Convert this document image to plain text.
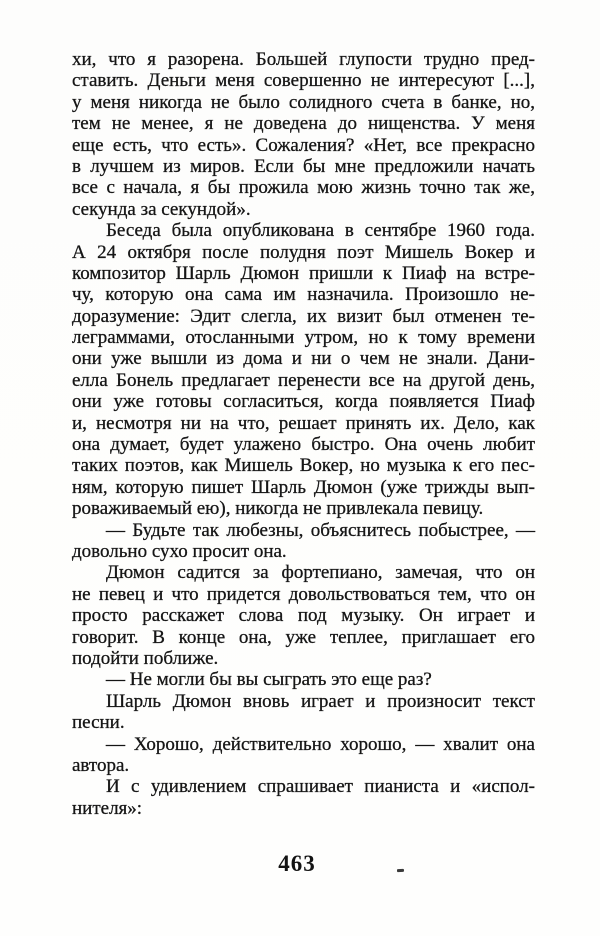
хи, что я разорена. Большей глупости трудно пред-
ставить. Деньги меня совершенно не интересуют [...],
у меня никогда не было солидного счета в банке, но,
тем не менее, я не доведена до нищенства. У меня
еще есть, что есть». Сожаления? «Нет, все прекрасно
в лучшем из миров. Если бы мне предложили начать
все с начала, я бы прожила мою жизнь точно так же,
секунда за секундой».
Беседа была опубликована в сентябре 1960 года.
А 24 октября после полудня поэт Мишель Вокер и
композитор Шарль Дюмон пришли к Пиаф на встре-
чу, которую она сама им назначила. Произошло не-
доразумение: Эдит слегла, их визит был отменен те-
леграммами, отосланными утром, но к тому времени
они уже вышли из дома и ни о чем не знали. Дани-
елла Бонель предлагает перенести все на другой день,
они уже готовы согласиться, когда появляется Пиаф
и, несмотря ни на что, решает принять их. Дело, как
она думает, будет улажено быстро. Она очень любит
таких поэтов, как Мишель Вокер, но музыка к его пес-
ням, которую пишет Шарль Дюмон (уже трижды вып-
роваживаемый ею), никогда не привлекала певицу.
— Будьте так любезны, объяснитесь побыстрее, —
довольно сухо просит она.
Дюмон садится за фортепиано, замечая, что он
не певец и что придется довольствоваться тем, что он
просто расскажет слова под музыку. Он играет и
говорит. В конце она, уже теплее, приглашает его
подойти поближе.
— Не могли бы вы сыграть это еще раз?
Шарль Дюмон вновь играет и произносит текст
песни.
— Хорошо, действительно хорошо, — хвалит она
автора.
И с удивлением спрашивает пианиста и «испол-
нителя»:
463
